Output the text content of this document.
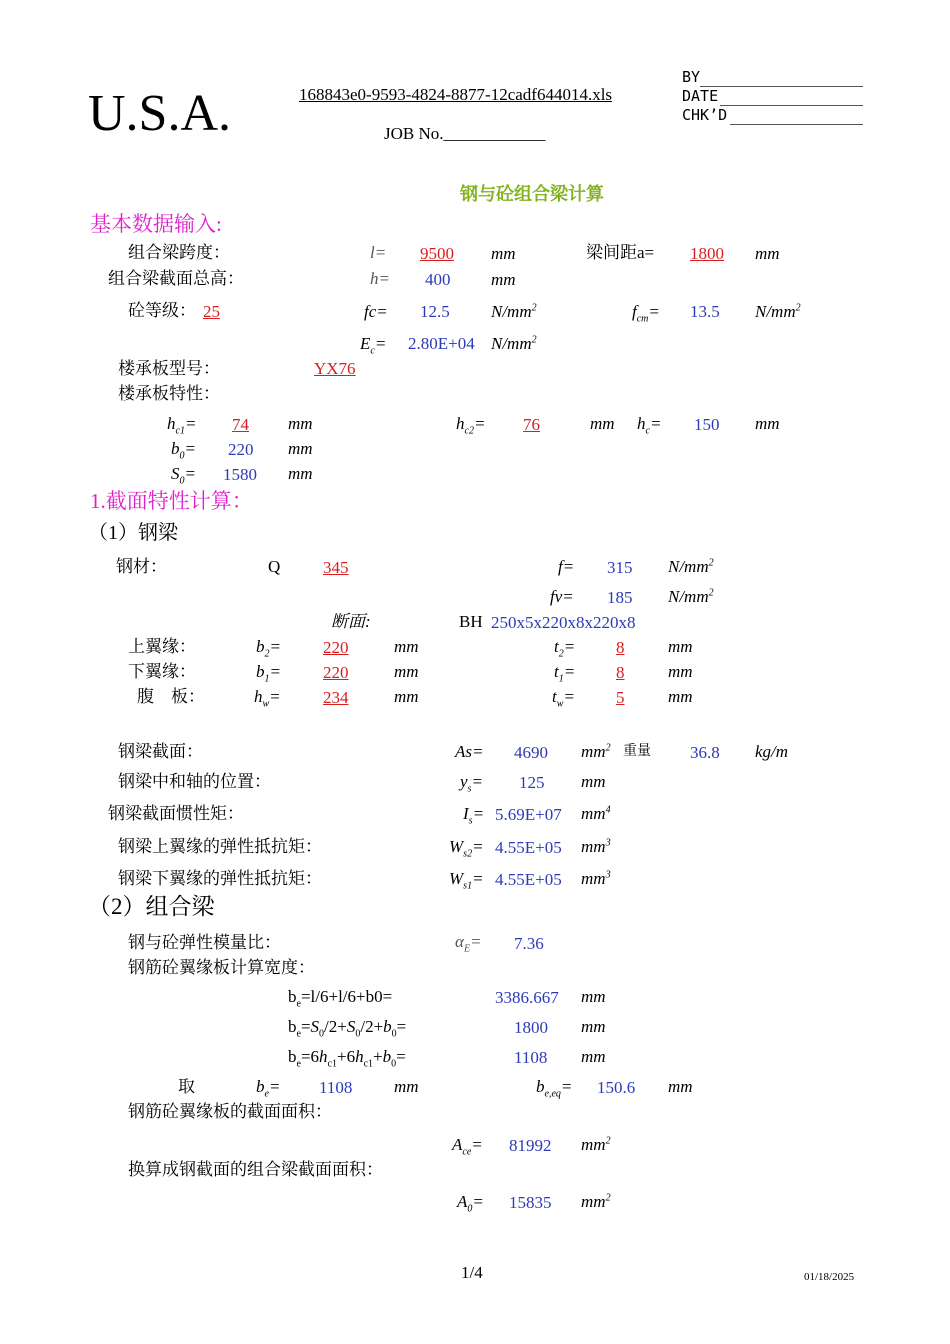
U.S.A.	168843e0-9593-4824-8877-12cadf644014.xls
JOB No.____________
BY
DATE
CHK’D
钢与砼组合梁计算
基本数据输入:
组合梁跨度：	l= 9500 mm	梁间距a= 1800 mm
组合梁截面总高：	h= 400 mm
砼等级： 25	fc= 12.5 $N/mm^2$	$f_{cm}= 13.5$ $N/mm^2$
$E_c= 2.80E+04$ $N/mm^2$
楼承板型号：	YX76
楼承板特性：
$h_{c1}= 74$ mm	$h_{c2}= 76$	mm $h_c= 150$ mm
$b_0= 220$ mm
$S_0= 1580$ mm
1.截面特性计算：
（1）钢梁
钢材：	Q	345	f= 315 $N/mm^2$
fv= 185 $N/mm^2$
断面:	BH 250x5x220x8x220x8
上翼缘：	$b_2= 220$	mm	$t_2= 8$	mm
下翼缘：	$b_1= 220$	mm	$t_1= 8$	mm
腹　板：	$h_w= 234$	mm	$t_w= 5$	mm
钢梁截面：	As= 4690 $mm^2$ 重量 36.8 kg/m
钢梁中和轴的位置：	$y_s= 125$ mm
钢梁截面惯性矩：	$I_s= 5.69E+07$ $mm^4$
钢梁上翼缘的弹性抵抗矩：	$W_{s2}= 4.55E+05$ $mm^3$
钢梁下翼缘的弹性抵抗矩：	$W_{s1}= 4.55E+05$ $mm^3$
（2）组合梁
钢与砼弹性模量比：	$\alpha_E= 7.36$
钢筋砼翼缘板计算宽度：
$b_e=l/6+l/6+b0=$	3386.667 mm
$b_e=S_0/2+S_0/2+b_0=$	1800 mm
$b_e=6h_{c1}+6h_{c1}+b_0=$	1108 mm
取	$b_e= 1108$ mm	$b_{e,eq}= 150.6$ mm
钢筋砼翼缘板的截面面积：
$A_{ce}= 81992$ $mm^2$
换算成钢截面的组合梁截面面积：
$A_0= 15835$ $mm^2$
1/4	01/18/2025
